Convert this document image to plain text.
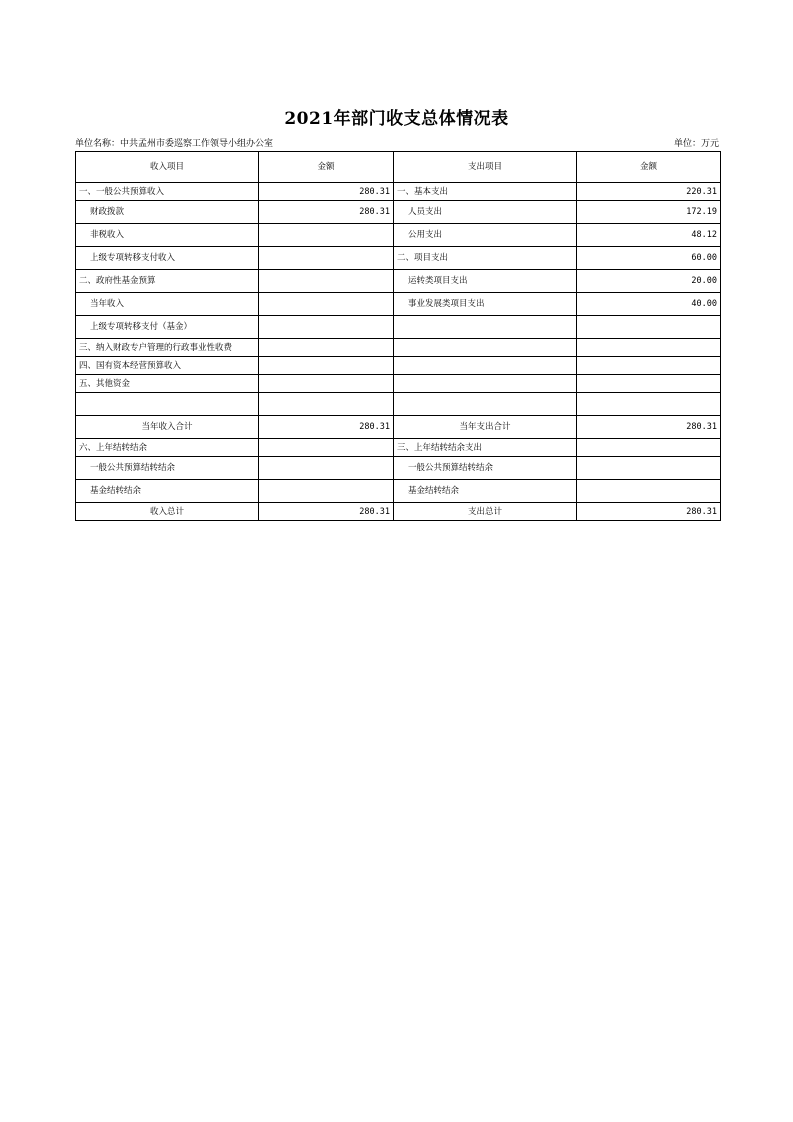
2021年部门收支总体情况表
单位名称：中共孟州市委巡察工作领导小组办公室	单位：万元
收入项目	金额	支出项目	金额
一、一般公共预算收入	280.31	一、基本支出	220.31
财政拨款	280.31	人员支出	172.19
非税收入		公用支出	48.12
上级专项转移支付收入		二、项目支出	60.00
二、政府性基金预算		运转类项目支出	20.00
当年收入		事业发展类项目支出	40.00
上级专项转移支付（基金）			
三、纳入财政专户管理的行政事业性收费			
四、国有资本经营预算收入			
五、其他资金			

当年收入合计	280.31	当年支出合计	280.31
六、上年结转结余		三、上年结转结余支出	
一般公共预算结转结余		一般公共预算结转结余	
基金结转结余		基金结转结余	
收入总计	280.31	支出总计	280.31
